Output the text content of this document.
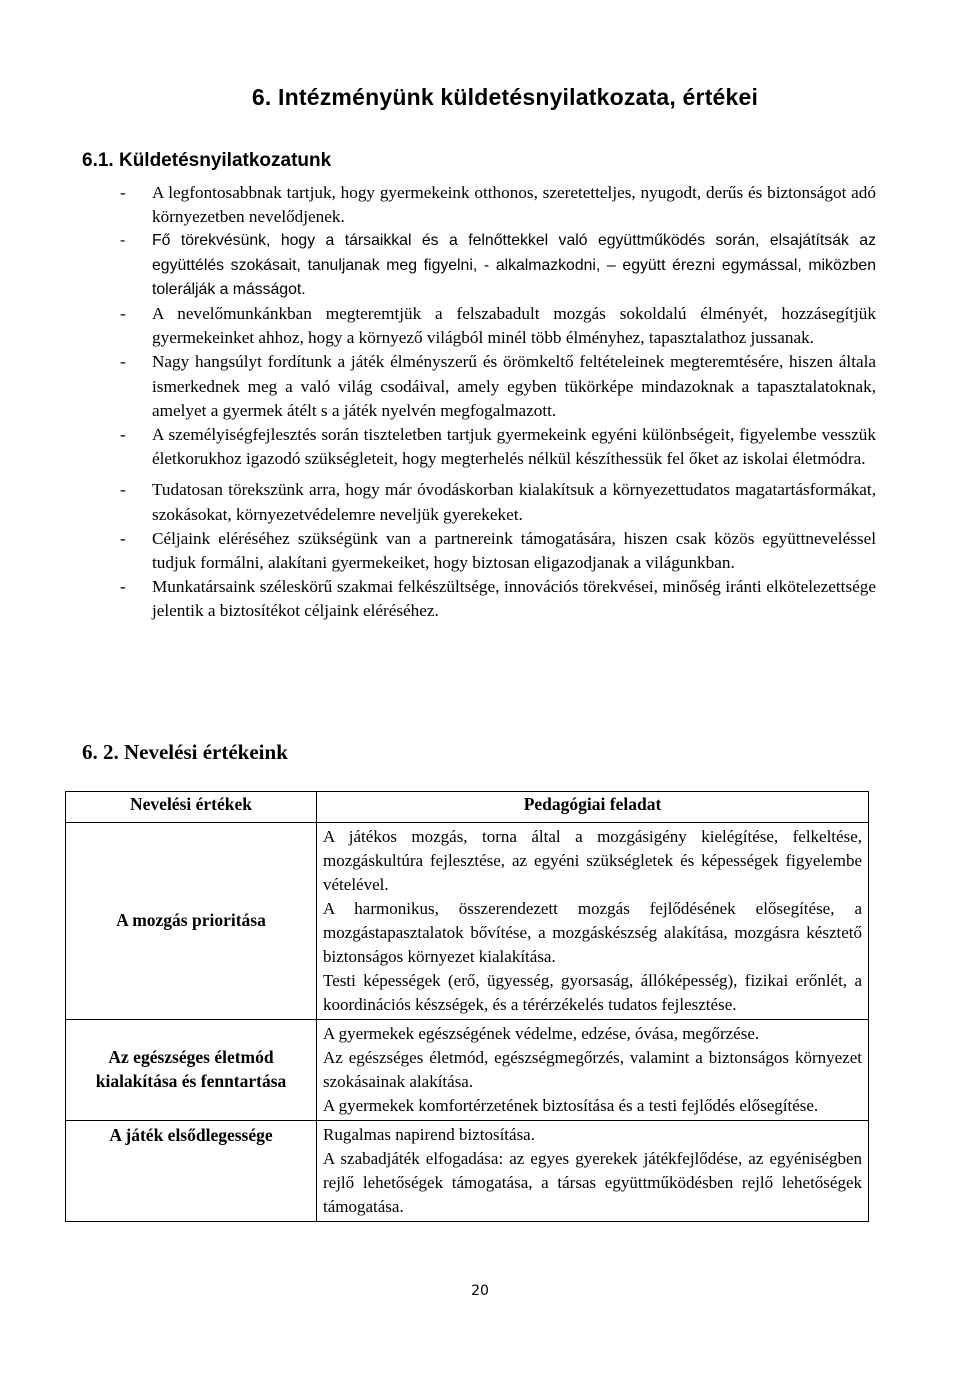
6. Intézményünk küldetésnyilatkozata, értékei
6.1. Küldetésnyilatkozatunk
- A legfontosabbnak tartjuk, hogy gyermekeink otthonos, szeretetteljes, nyugodt, derűs és biztonságot adó környezetben nevelődjenek.
- Fő törekvésünk, hogy a társaikkal és a felnőttekkel való együttműködés során, elsajátítsák az együttélés szokásait, tanuljanak meg figyelni, - alkalmazkodni, – együtt érezni egymással, miközben tolerálják a másságot.
- A nevelőmunkánkban megteremtjük a felszabadult mozgás sokoldalú élményét, hozzásegítjük gyermekeinket ahhoz, hogy a környező világból minél több élményhez, tapasztalathoz jussanak.
- Nagy hangsúlyt fordítunk a játék élményszerű és örömkeltő feltételeinek megteremtésére, hiszen általa ismerkednek meg a való világ csodáival, amely egyben tükörképe mindazoknak a tapasztalatoknak, amelyet a gyermek átélt s a játék nyelvén megfogalmazott.
- A személyiségfejlesztés során tiszteletben tartjuk gyermekeink egyéni különbségeit, figyelembe vesszük életkorukhoz igazodó szükségleteit, hogy megterhelés nélkül készíthessük fel őket az iskolai életmódra.
- Tudatosan törekszünk arra, hogy már óvodáskorban kialakítsuk a környezettudatos magatartásformákat, szokásokat, környezetvédelemre neveljük gyerekeket.
- Céljaink eléréséhez szükségünk van a partnereink támogatására, hiszen csak közös együttneveléssel tudjuk formálni, alakítani gyermekeiket, hogy biztosan eligazodjanak a világunkban.
- Munkatársaink széleskörű szakmai felkészültsége, innovációs törekvései, minőség iránti elkötelezettsége jelentik a biztosítékot céljaink eléréséhez.
6. 2. Nevelési értékeink
Nevelési értékek	Pedagógiai feladat
A mozgás prioritása	A játékos mozgás, torna által a mozgásigény kielégítése, felkeltése, mozgáskultúra fejlesztése, az egyéni szükségletek és képességek figyelembe vételével.

A harmonikus, összerendezett mozgás fejlődésének elősegítése, a mozgástapasztalatok bővítése, a mozgáskészség alakítása, mozgásra késztető biztonságos környezet kialakítása.

Testi képességek (erő, ügyesség, gyorsaság, állóképesség), fizikai erőnlét, a koordinációs készségek, és a térérzékelés tudatos fejlesztése.

Az egészséges életmód kialakítása és fenntartása	A gyermekek egészségének védelme, edzése, óvása, megőrzése.

Az egészséges életmód, egészségmegőrzés, valamint a biztonságos környezet szokásainak alakítása.

A gyermekek komfortérzetének biztosítása és a testi fejlődés elősegítése.

A játék elsődlegessége	Rugalmas napirend biztosítása.

A szabadjáték elfogadása: az egyes gyerekek játékfejlődése, az egyéniségben rejlő lehetőségek támogatása, a társas együttműködésben rejlő lehetőségek támogatása.

20
